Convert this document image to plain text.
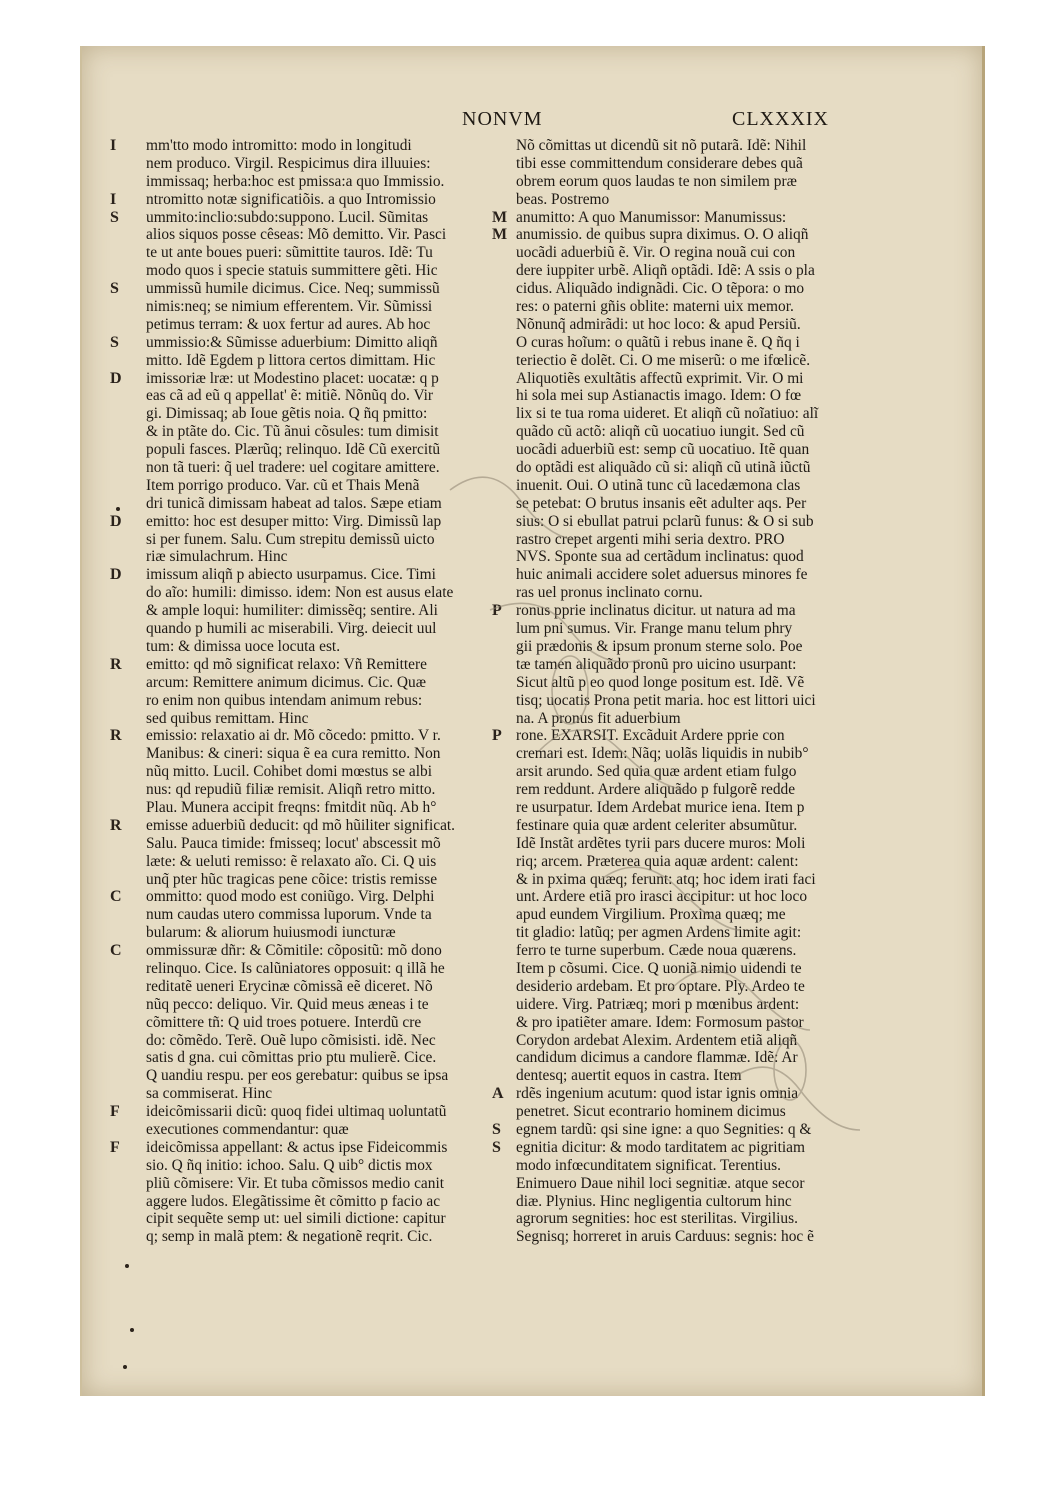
NONVM	CLXXXIX
I mm'tto modo intromitto: modo in longitudi
nem produco. Virgil. Respicimus dira illuuies:
immissaq; herba:hoc est pmissa:a quo Immissio.
I ntromitto notæ significatiõis. a quo Intromissio
S ummito:inclio:subdo:suppono. Lucil. Sũmitas
alios siquos posse cêseas: Mõ demitto. Vir. Pasci
te ut ante boues pueri: sũmittite tauros. Idẽ: Tu
modo quos i specie statuis summittere gẽti. Hic
S ummissũ humile dicimus. Cice. Neq; summissũ
nimis:neq; se nimium efferentem. Vir. Sũmissi
petimus terram: & uox fertur ad aures. Ab hoc
S ummissio:& Sũmisse aduerbium: Dimitto aliqñ
mitto. Idẽ Egdem p littora certos dimittam. Hic
D imissoriæ lræ: ut Modestino placet: uocatæ: q p
eas cã ad eũ q appellat' ẽ: mitiẽ. Nõnũq do. Vir
gi. Dimissaq; ab Ioue gẽtis noia. Q ñq pmitto:
& in ptãte do. Cic. Tũ ãnui cõsules: tum dimisit
populi fasces. Plærũq; relinquo. Idẽ Cũ exercitũ
non tã tueri: q̃ uel tradere: uel cogitare amittere.
Item porrigo produco. Var. cũ et Thais Menã
dri tunicã dimissam habeat ad talos. Sæpe etiam
D emitto: hoc est desuper mitto: Virg. Dimissũ lap
si per funem. Salu. Cum strepitu demissũ uicto
riæ simulachrum. Hinc
D imissum aliqñ p abiecto usurpamus. Cice. Timi
do aĩo: humili: dimisso. idem: Non est ausus elate
& ample loqui: humiliter: dimissẽq; sentire. Ali
quando p humili ac miserabili. Virg. deiecit uul
tum: & dimissa uoce locuta est.
R emitto: qd mõ significat relaxo: Vñ Remittere
arcum: Remittere animum dicimus. Cic. Quæ
ro enim non quibus intendam animum rebus:
sed quibus remittam. Hinc
R emissio: relaxatio ai dr. Mõ cõcedo: pmitto. V r.
Manibus: & cineri: siqua ẽ ea cura remitto. Non
nũq mitto. Lucil. Cohibet domi mœstus se albi
nus: qd repudiũ filiæ remisit. Aliqñ retro mitto.
Plau. Munera accipit freqns: fmitdit nũq. Ab h°
R emisse aduerbiũ deducit: qd mõ hũiliter significat.
Salu. Pauca timide: fmisseq; locut' abscessit mõ
læte: & ueluti remisso: ẽ relaxato aĩo. Ci. Q uis
unq̃ pter hũc tragicas pene cõice: tristis remisse
C ommitto: quod modo est coniũgo. Virg. Delphi
num caudas utero commissa luporum. Vnde ta
bularum: & aliorum huiusmodi iuncturæ
C ommissuræ dñr: & Cõmitile: cõpositũ: mõ dono
relinquo. Cice. Is calũniatores opposuit: q illã he
reditatẽ ueneri Erycinæ cõmissã eẽ diceret. Nõ
nũq pecco: deliquo. Vir. Quid meus æneas i te
cõmittere tñ: Q uid troes potuere. Interdũ cre
do: cõmẽdo. Terẽ. Ouẽ lupo cõmisisti. idẽ. Nec
satis d gna. cui cõmittas prio ptu mulierẽ. Cice.
Q uandiu respu. per eos gerebatur: quibus se ipsa
sa commiserat. Hinc
F ideicõmissarii dicũ: quoq fidei ultimaq uoluntatũ
executiones commendantur: quæ
F ideicõmissa appellant: & actus ipse Fideicommis
sio. Q ñq initio: ichoo. Salu. Q uib° dictis mox
pliũ cõmisere: Vir. Et tuba cõmissos medio canit
aggere ludos. Elegãtissime ẽt cõmitto p facio ac
cipit sequẽte semp ut: uel simili dictione: capitur
q; semp in malã ptem: & negationẽ reqrit. Cic.
Nõ cõmittas ut dicendũ sit nõ putarã. Idẽ: Nihil
tibi esse committendum considerare debes quã
obrem eorum quos laudas te non similem præ
beas. Postremo
M anumitto: A quo Manumissor: Manumissus:
M anumissio. de quibus supra diximus. O. O aliqñ
uocãdi aduerbiũ ẽ. Vir. O regina nouã cui con
dere iuppiter urbẽ. Aliqñ optãdi. Idẽ: A ssis o pla
cidus. Aliquãdo indignãdi. Cic. O tẽpora: o mo
res: o paterni gñis oblite: materni uix memor.
Nõnunq̃ admirãdi: ut hoc loco: & apud Persiũ.
O curas hoĩum: o quãtũ i rebus inane ẽ. Q ñq i
teriectio ẽ dolẽt. Ci. O me miserũ: o me ifœlicẽ.
Aliquotiẽs exultãtis affectũ exprimit. Vir. O mi
hi sola mei sup Astianactis imago. Idem: O fœ
lix si te tua roma uideret. Et aliqñ cũ noĩatiuo: alĩ
quãdo cũ actõ: aliqñ cũ uocatiuo iungit. Sed cũ
uocãdi aduerbiũ est: semp cũ uocatiuo. Itẽ quan
do optãdi est aliquãdo cũ si: aliqñ cũ utinã iũctũ
inuenit. Oui. O utinã tunc cũ lacedæmona clas
se petebat: O brutus insanis eẽt adulter aqs. Per
sius: O si ebullat patrui pclarũ funus: & O si sub
rastro crepet argenti mihi seria dextro. PRO
NVS. Sponte sua ad certãdum inclinatus: quod
huic animali accidere solet aduersus minores fe
ras uel pronus inclinato cornu.
P ronus pprie inclinatus dicitur. ut natura ad ma
lum pni sumus. Vir. Frange manu telum phry
gii prædonis & ipsum pronum sterne solo. Poe
tæ tamen aliquãdo pronũ pro uicino usurpant:
Sicut altũ p eo quod longe positum est. Idẽ. Vẽ
tisq; uocatis Prona petit maria. hoc est littori uici
na. A pronus fit aduerbium
P rone. EXARSIT. Excãduit Ardere pprie con
cremari est. Idem: Nãq; uolãs liquidis in nubib°
arsit arundo. Sed quia quæ ardent etiam fulgo
rem reddunt. Ardere aliquãdo p fulgorẽ redde
re usurpatur. Idem Ardebat murice iena. Item p
festinare quia quæ ardent celeriter absumũtur.
Idẽ Instãt ardẽtes tyrii pars ducere muros: Moli
riq; arcem. Præterea quia aquæ ardent: calent:
& in pxima quæq; ferunt: atq; hoc idem irati faci
unt. Ardere etiã pro irasci accipitur: ut hoc loco
apud eundem Virgilium. Proxima quæq; me
tit gladio: latũq; per agmen Ardens limite agit:
ferro te turne superbum. Cæde noua quærens.
Item p cõsumi. Cice. Q uoniã nimio uidendi te
desiderio ardebam. Et pro optare. Ply. Ardeo te
uidere. Virg. Patriæq; mori p mœnibus ardent:
& pro ipatiẽter amare. Idem: Formosum pastor
Corydon ardebat Alexim. Ardentem etiã aliqñ
candidum dicimus a candore flammæ. Idẽ: Ar
dentesq; auertit equos in castra. Item
A rdẽs ingenium acutum: quod istar ignis omnia
penetret. Sicut econtrario hominem dicimus
S egnem tardũ: qsi sine igne: a quo Segnities: q &
S egnitia dicitur: & modo tarditatem ac pigritiam
modo infœcunditatem significat. Terentius.
Enimuero Daue nihil loci segnitiæ. atque secor
diæ. Plynius. Hinc negligentia cultorum hinc
agrorum segnities: hoc est sterilitas. Virgilius.
Segnisq; horreret in aruis Carduus: segnis: hoc ẽ
